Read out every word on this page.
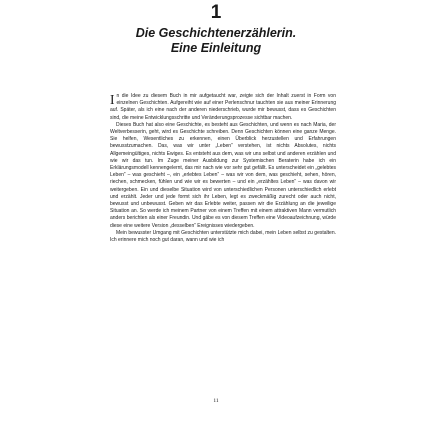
1
Die Geschichtenerzählerin.
Eine Einleitung

In die Idee zu diesem Buch in mir aufgetaucht war, zeigte sich der Inhalt zuerst in Form von einzelnen Geschichten. Aufgereiht wie auf einer Perlenschnur tauchten sie aus meiner Erinnerung auf. Später, als ich eine nach der anderen niederschrieb, wurde mir bewusst, dass es Geschichten sind, die meine Entwicklungsschritte und Veränderungsprozesse sichtbar machen.

Dieses Buch hat also eine Geschichte, es besteht aus Geschichten, und wenn es nach Maria, der Weltverbesserin, geht, wird es Geschichte schreiben. Denn Geschichten können eine ganze Menge. Sie helfen, Wesentliches zu erkennen, einen Überblick herzustellen und Erfahrungen bewusstzumachen. Das, was wir unter „Leben“ verstehen, ist nichts Absolutes, nichts Allgemeingültiges, nichts Ewiges. Es entsteht aus dem, was wir uns selbst und anderen erzählen und wie wir das tun. Im Zuge meiner Ausbildung zur Systemischen Beraterin habe ich ein Erklärungsmodell kennengelernt, das mir nach wie vor sehr gut gefällt. Es unterscheidet ein „gelebtes Leben“ – was geschieht –, ein „erlebtes Leben“ – was wir von dem, was geschieht, sehen, hören, riechen, schmecken, fühlen und wie wir es bewerten – und ein „erzähltes Leben“ – was davon wir weitergeben. Ein und dieselbe Situation wird von unterschiedlichen Personen unterschiedlich erlebt und erzählt. Jeder und jede formt sich ihr Leben, legt es zweckmäßig zurecht oder auch nicht, bewusst und unbewusst. Geben wir das Erlebte weiter, passen wir die Erzählung an die jeweilige Situation an. So werde ich meinem Partner von einem Treffen mit einem attraktiven Mann vermutlich anders berichten als einer Freundin. Und gäbe es von diesem Treffen eine Videoaufzeichnung, würde diese eine weitere Version „desselben“ Ereignisses wiedergeben.

Mein bewusster Umgang mit Geschichten unterstützte mich dabei, mein Leben selbst zu gestalten. Ich erinnere mich noch gut daran, wann und wie ich

11
